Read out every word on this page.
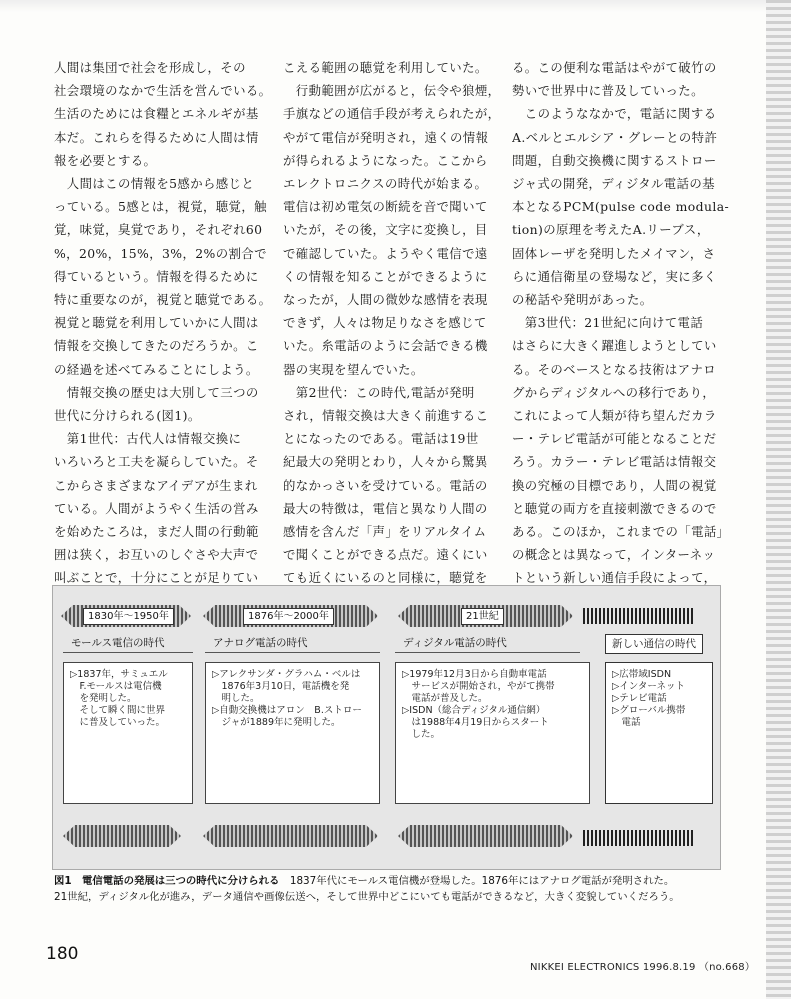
人間は集団で社会を形成し，その
社会環境のなかで生活を営んでいる。
生活のためには食糧とエネルギが基
本だ。これらを得るために人間は情
報を必要とする。
　人間はこの情報を5感から感じと
っている。5感とは，視覚，聴覚，触
覚，味覚，臭覚であり，それぞれ60
%，20%，15%，3%，2%の割合で
得ているという。情報を得るために
特に重要なのが，視覚と聴覚である。
視覚と聴覚を利用していかに人間は
情報を交換してきたのだろうか。こ
の経過を述べてみることにしよう。
　情報交換の歴史は大別して三つの
世代に分けられる(図1)。
　第1世代：古代人は情報交換に
いろいろと工夫を凝らしていた。そ
こからさまざまなアイデアが生まれ
ている。人間がようやく生活の営み
を始めたころは，まだ人間の行動範
囲は狭く，お互いのしぐさや大声で
叫ぶことで，十分にことが足りてい

こえる範囲の聴覚を利用していた。
　行動範囲が広がると，伝令や狼煙，
手旗などの通信手段が考えられたが，
やがて電信が発明され，遠くの情報
が得られるようになった。ここから
エレクトロニクスの時代が始まる。
電信は初め電気の断続を音で聞いて
いたが，その後，文字に変換し，目
で確認していた。ようやく電信で遠
くの情報を知ることができるように
なったが，人間の微妙な感情を表現
できず，人々は物足りなさを感じて
いた。糸電話のように会話できる機
器の実現を望んでいた。
　第2世代：この時代,電話が発明
され，情報交換は大きく前進するこ
とになったのである。電話は19世
紀最大の発明とわり，人々から驚異
的なかっさいを受けている。電話の
最大の特徴は，電信と異なり人間の
感情を含んだ「声」をリアルタイム
で聞くことができる点だ。遠くにい
ても近くにいるのと同様に，聴覚を

る。この便利な電話はやがて破竹の
勢いで世界中に普及していった。
　このようななかで，電話に関する
A.ベルとエルシア・グレーとの特許
問題，自動交換機に関するストロー
ジャ式の開発，ディジタル電話の基
本となるPCM(pulse code modula-
tion)の原理を考えたA.リーブス，
固体レーザを発明したメイマン，さ
らに通信衛星の登場など，実に多く
の秘話や発明があった。
　第3世代：21世紀に向けて電話
はさらに大きく躍進しようとしてい
る。そのベースとなる技術はアナロ
グからディジタルへの移行であり，
これによって人類が待ち望んだカラ
ー・テレビ電話が可能となることだ
ろう。カラー・テレビ電話は情報交
換の究極の目標であり，人間の視覚
と聴覚の両方を直接刺激できるので
ある。このほか，これまでの「電話」
の概念とは異なって，インターネッ
トという新しい通信手段によって，

1830年～1950年	1876年～2000年	21世紀
モールス電信の時代	アナログ電話の時代	ディジタル電話の時代	新しい通信の時代
▷1837年，サミュエル
　F.モールスは電信機
　を発明した。
　そして瞬く間に世界
　に普及していった。
▷アレクサンダ・グラハム・ベルは
　1876年3月10日，電話機を発
　明した。
▷自動交換機はアロン　B.ストロー
　ジャが1889年に発明した。
▷1979年12月3日から自動車電話
　サービスが開始され，やがて携帯
　電話が普及した。
▷ISDN（総合ディジタル通信網）
　は1988年4月19日からスタート
　した。
▷広帯域ISDN
▷インターネット
▷テレビ電話
▷グローバル携帯
　電話
図1　電信電話の発展は三つの時代に分けられる　1837年代にモールス電信機が登場した。1876年にはアナログ電話が発明された。
21世紀，ディジタル化が進み，データ通信や画像伝送へ，そして世界中どこにいても電話ができるなど，大きく変貌していくだろう。
180
NIKKEI ELECTRONICS 1996.8.19 （no.668）
